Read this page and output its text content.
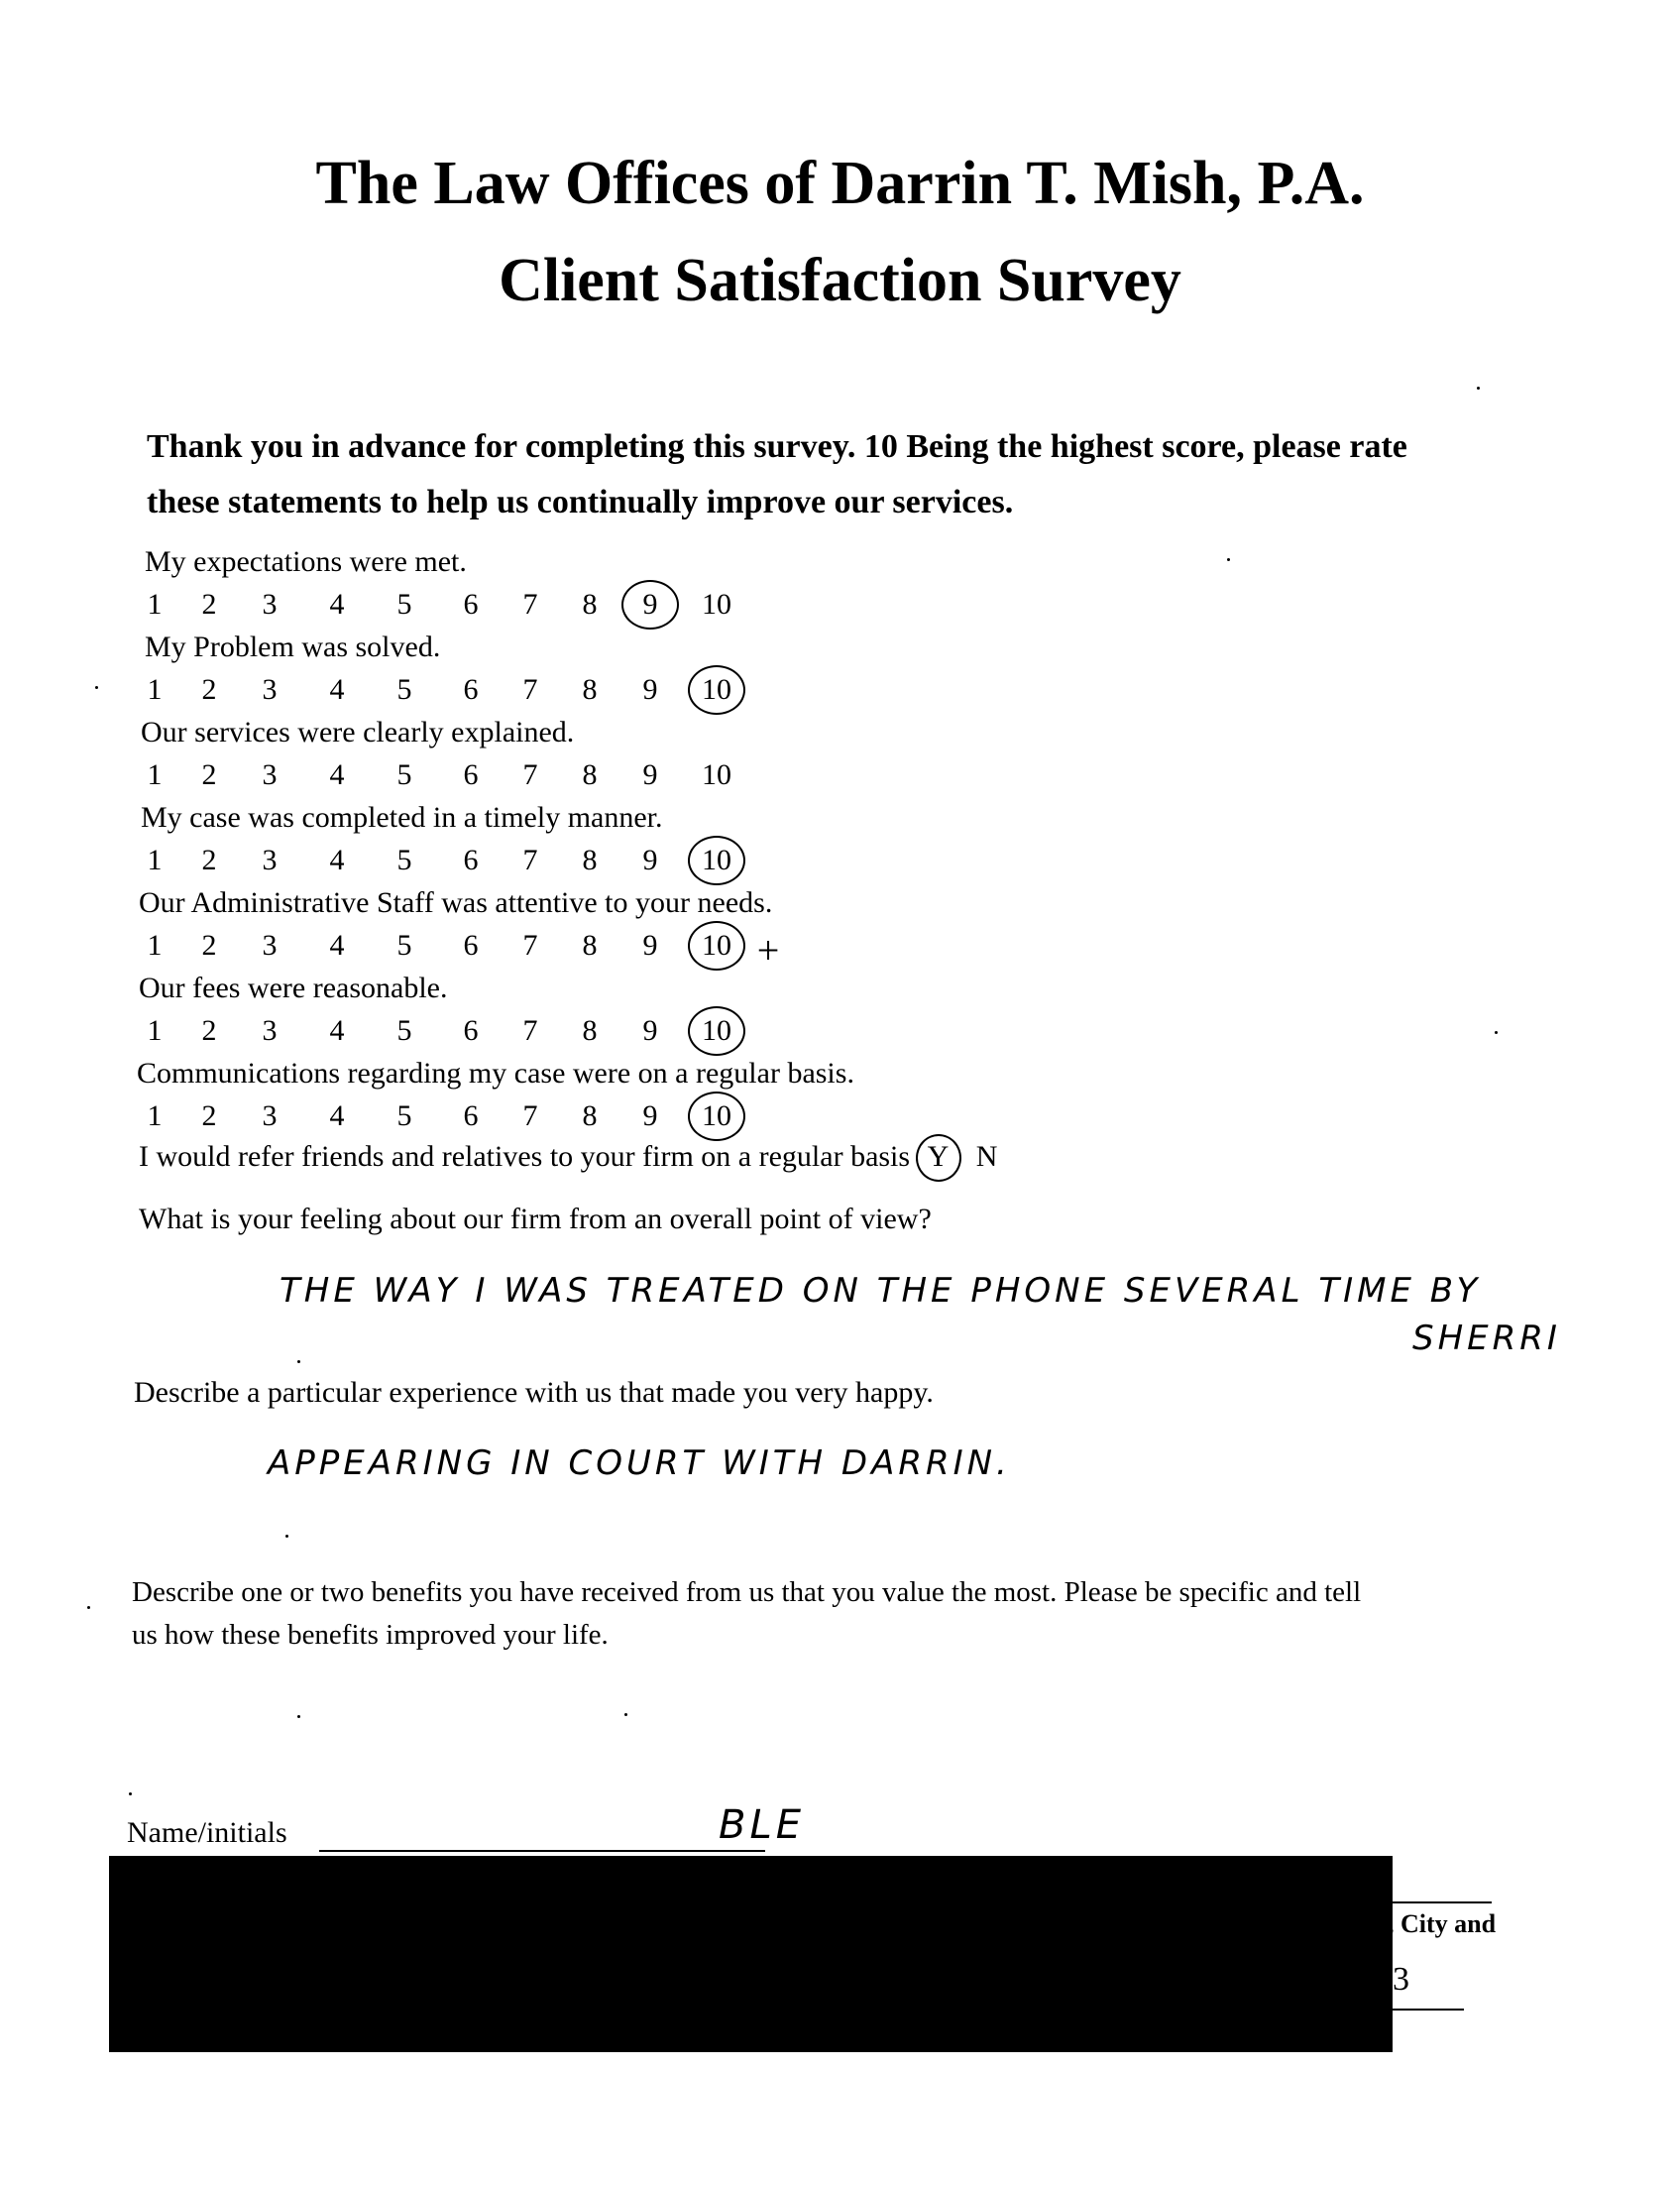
The Law Offices of Darrin T. Mish, P.A.
Client Satisfaction Survey
Thank you in advance for completing this survey. 10 Being the highest score, please rate
these statements to help us continually improve our services.
My expectations were met.
1	2	3	4	5	6	7	8	9	10
My Problem was solved.
1	2	3	4	5	6	7	8	9	10
Our services were clearly explained.
1	2	3	4	5	6	7	8	9	10
My case was completed in a timely manner.
1	2	3	4	5	6	7	8	9	10
Our Administrative Staff was attentive to your needs.
1	2	3	4	5	6	7	8	9	10 +
Our fees were reasonable.
1	2	3	4	5	6	7	8	9	10
Communications regarding my case were on a regular basis.
1	2	3	4	5	6	7	8	9	10
I would refer friends and relatives to your firm on a regular basis Y N
What is your feeling about our firm from an overall point of view?
THE WAY I WAS TREATED ON THE PHONE SEVERAL TIME BY
SHERRI
Describe a particular experience with us that made you very happy.
APPEARING IN COURT WITH DARRIN.
Describe one or two benefits you have received from us that you value the most. Please be specific and tell
us how these benefits improved your life.
Name/initials	BLE
, City and
3
